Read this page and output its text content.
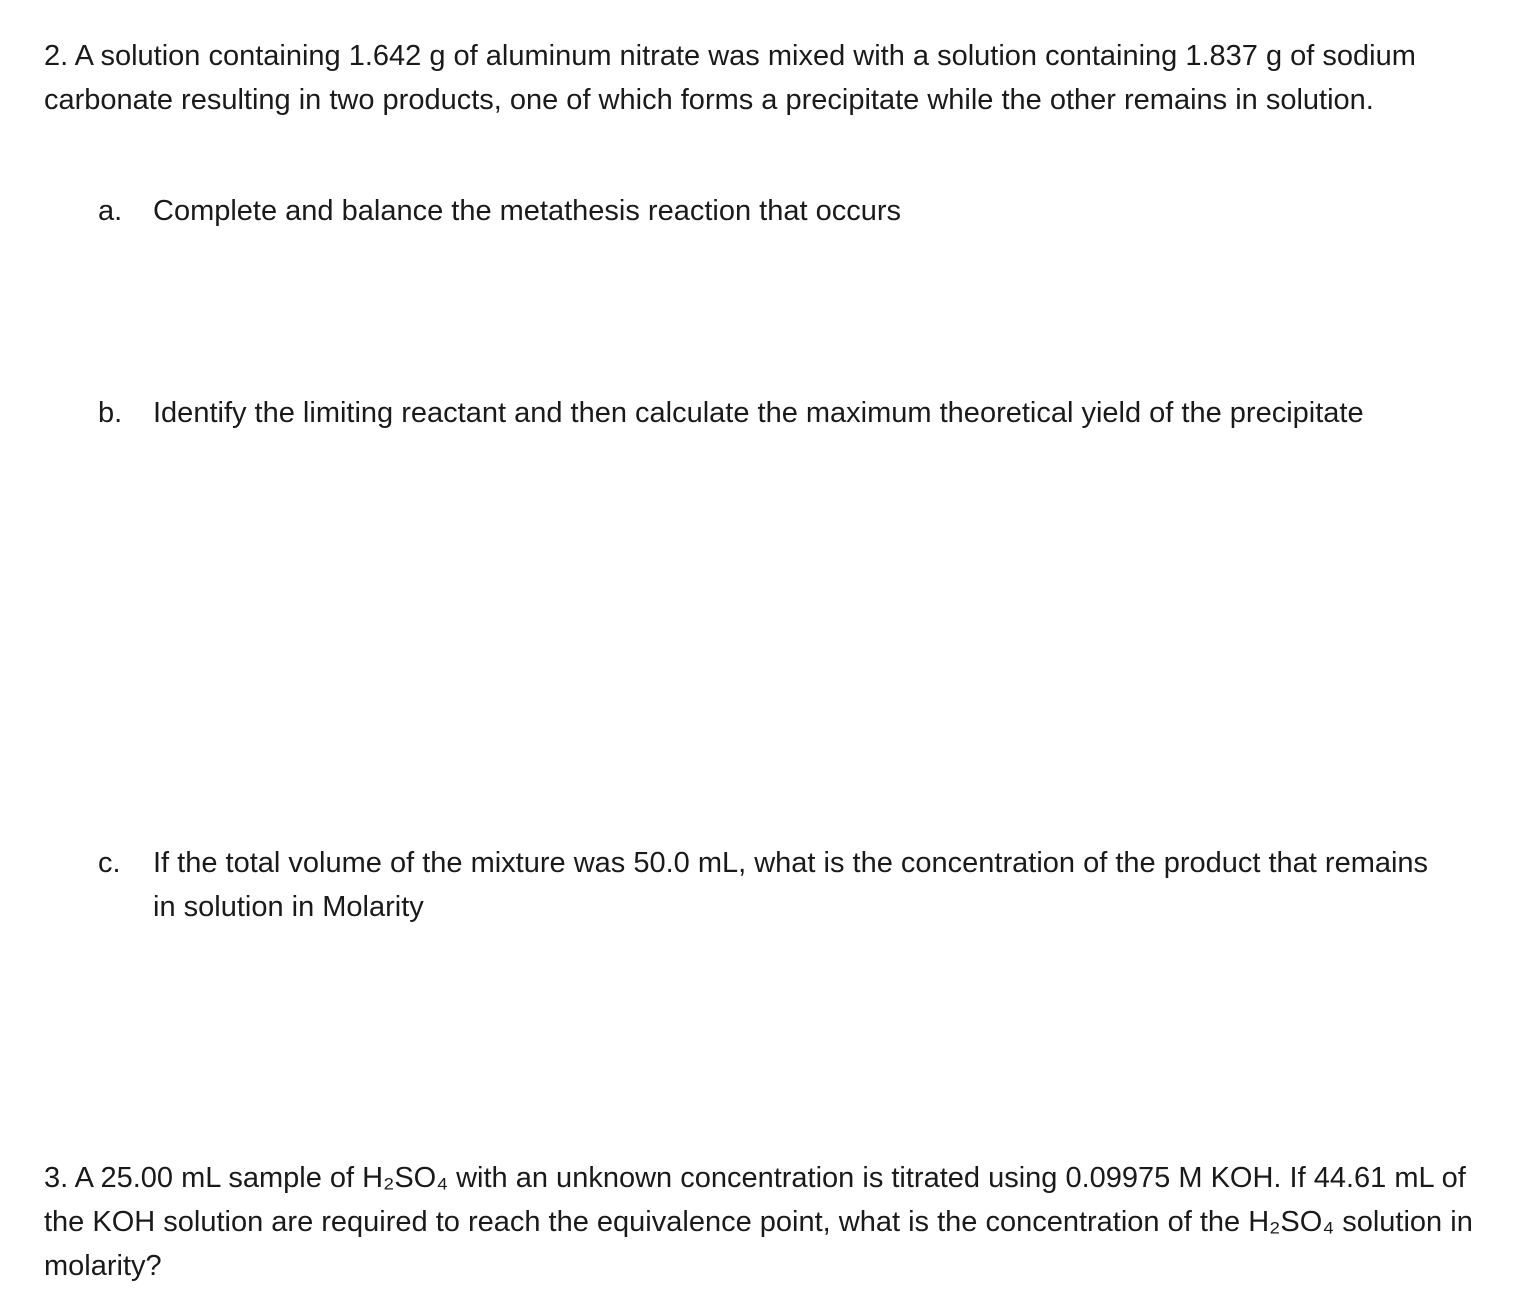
2. A solution containing 1.642 g of aluminum nitrate was mixed with a solution containing 1.837 g of sodium carbonate resulting in two products, one of which forms a precipitate while the other remains in solution.

a.	Complete and balance the metathesis reaction that occurs

b.	Identify the limiting reactant and then calculate the maximum theoretical yield of the precipitate

c.	If the total volume of the mixture was 50.0 mL, what is the concentration of the product that remains in solution in Molarity

3. A 25.00 mL sample of H₂SO₄ with an unknown concentration is titrated using 0.09975 M KOH. If 44.61 mL of the KOH solution are required to reach the equivalence point, what is the concentration of the H₂SO₄ solution in molarity?
